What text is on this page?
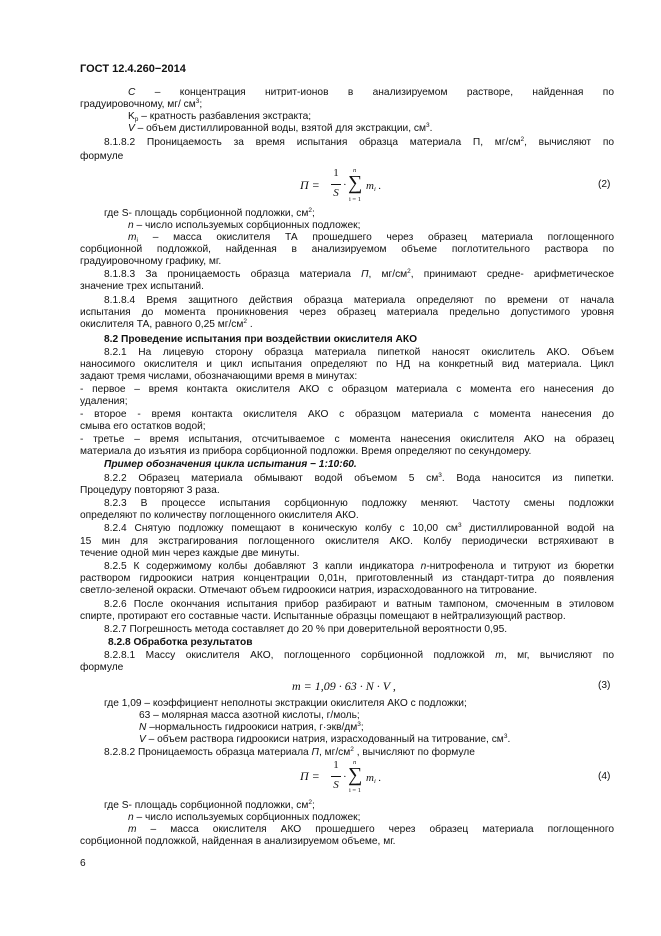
ГОСТ 12.4.260−2014
C – концентрация нитрит-ионов в анализируемом растворе, найденная по
градуировочному, мг/ $см^3$;
$K_p$ – кратность разбавления экстракта;
V – объем дистиллированной воды, взятой для экстракции, $см^3$.
8.1.8.2 Проницаемость за время испытания образца материала П, $мг/см^2$, вычисляют по
формуле
П =
1
S
·
n
∑
i = 1
$m_i$ .	(2)
где S- площадь сорбционной подложки, $см^2$;
n – число используемых сорбционных подложек;
$m_i$ – масса окислителя ТА прошедшего через образец материала поглощенного
сорбционной подложкой, найденная в анализируемом объеме поглотительного раствора по
градуировочному графику, мг.
8.1.8.3 За проницаемость образца материала П, $мг/см^2$, принимают средне- арифметическое
значение трех испытаний.
8.1.8.4 Время защитного действия образца материала определяют по времени от начала
испытания до момента проникновения через образец материала предельно допустимого уровня
окислителя ТА, равного 0,25 $мг/см^2$ .
8.2 Проведение испытания при воздействии окислителя АКО
8.2.1 На лицевую сторону образца материала пипеткой наносят окислитель АКО. Объем
наносимого окислителя и цикл испытания определяют по НД на конкретный вид материала. Цикл
задают тремя числами, обозначающими время в минутах:
- первое – время контакта окислителя АКО с образцом материала с момента его нанесения до
удаления;
- второе - время контакта окислителя АКО с образцом материала с момента нанесения до
смыва его остатков водой;
- третье – время испытания, отсчитываемое с момента нанесения окислителя АКО на образец
материала до изъятия из прибора сорбционной подложки. Время определяют по секундомеру.
Пример обозначения цикла испытания − 1:10:60.
8.2.2 Образец материала обмывают водой объемом 5 $см^3$. Вода наносится из пипетки.
Процедуру повторяют 3 раза.
8.2.3 В процессе испытания сорбционную подложку меняют. Частоту смены подложки
определяют по количеству поглощенного окислителя АКО.
8.2.4 Снятую подложку помещают в коническую колбу с 10,00 $см^3$ дистиллированной водой на
15 мин для экстрагирования поглощенного окислителя АКО. Колбу периодически встряхивают в
течение одной мин через каждые две минуты.
8.2.5 К содержимому колбы добавляют 3 капли индикатора n-нитрофенола и титруют из бюретки
раствором гидроокиси натрия концентрации 0,01н, приготовленный из стандарт-титра до появления
светло-зеленой окраски. Отмечают объем гидроокиси натрия, израсходованного на титрование.
8.2.6 После окончания испытания прибор разбирают и ватным тампоном, смоченным в этиловом
спирте, протирают его составные части. Испытанные образцы помещают в нейтрализующий раствор.
8.2.7 Погрешность метода составляет до 20 % при доверительной вероятности 0,95.
8.2.8 Обработка результатов
8.2.8.1 Массу окислителя АКО, поглощенного сорбционной подложкой m, мг, вычисляют по
формуле
m = 1,09 · 63 · N · V ,	(3)
где 1,09 – коэффициент неполноты экстракции окислителя АКО с подложки;
63 – молярная масса азотной кислоты, г/моль;
N –нормальность гидроокиси натрия, $г\cdot экв/дм^3$;
V – объем раствора гидроокиси натрия, израсходованный на титрование, $см^3$.
8.2.8.2 Проницаемость образца материала П, $мг/см^2$ , вычисляют по формуле
П =
1
S
·
n
∑
i = 1
$m_i$ .	(4)
где S- площадь сорбционной подложки, $см^2$;
n – число используемых сорбционных подложек;
m – масса окислителя АКО прошедшего через образец материала поглощенного
сорбционной подложкой, найденная в анализируемом объеме, мг.
6
